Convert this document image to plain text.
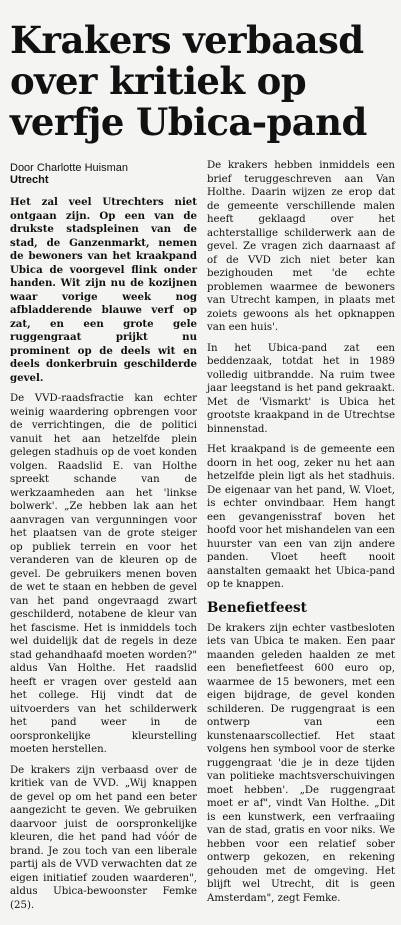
Krakers verbaasd
over kritiek op
verfje Ubica-pand
Door Charlotte Huisman
Utrecht

Het zal veel Utrechters niet ontgaan zijn. Op een van de drukste stadspleinen van de stad, de Ganzenmarkt, nemen de bewoners van het kraakpand Ubica de voorgevel flink onder handen. Wit zijn nu de kozijnen waar vorige week nog afbladderende blauwe verf op zat, en een grote gele ruggengraat prijkt nu prominent op de deels wit en deels donkerbruin geschilderde gevel.

De VVD-raadsfractie kan echter weinig waardering opbrengen voor de verrichtingen, die de politici vanuit het aan hetzelfde plein gelegen stadhuis op de voet konden volgen. Raadslid E. van Holthe spreekt schande van de werkzaamheden aan het 'linkse bolwerk'. „Ze hebben lak aan het aanvragen van vergunningen voor het plaatsen van de grote steiger op publiek terrein en voor het veranderen van de kleuren op de gevel. De gebruikers menen boven de wet te staan en hebben de gevel van het pand ongevraagd zwart geschilderd, notabene de kleur van het fascisme. Het is inmiddels toch wel duidelijk dat de regels in deze stad gehandhaafd moeten worden?" aldus Van Holthe. Het raadslid heeft er vragen over gesteld aan het college. Hij vindt dat de uitvoerders van het schilderwerk het pand weer in de oorspronkelijke kleurstelling moeten herstellen.

De krakers zijn verbaasd over de kritiek van de VVD. „Wij knappen de gevel op om het pand een beter aangezicht te geven. We gebruiken daarvoor juist de oorspronkelijke kleuren, die het pand had vóór de brand. Je zou toch van een liberale partij als de VVD verwachten dat ze eigen initiatief zouden waarderen", aldus Ubica-bewoonster Femke (25).

De krakers hebben inmiddels een brief teruggeschreven aan Van Holthe. Daarin wijzen ze erop dat de gemeente verschillende malen heeft geklaagd over het achterstallige schilderwerk aan de gevel. Ze vragen zich daarnaast af of de VVD zich niet beter kan bezighouden met 'de echte problemen waarmee de bewoners van Utrecht kampen, in plaats met zoiets gewoons als het opknappen van een huis'.

In het Ubica-pand zat een beddenzaak, totdat het in 1989 volledig uitbrandde. Na ruim twee jaar leegstand is het pand gekraakt. Met de 'Vismarkt' is Ubica het grootste kraakpand in de Utrechtse binnenstad.

Het kraakpand is de gemeente een doorn in het oog, zeker nu het aan hetzelfde plein ligt als het stadhuis. De eigenaar van het pand, W. Vloet, is echter onvindbaar. Hem hangt een gevangenisstraf boven het hoofd voor het mishandelen van een huurster van een van zijn andere panden. Vloet heeft nooit aanstalten gemaakt het Ubica-pand op te knappen.

Benefietfeest

De krakers zijn echter vastbesloten iets van Ubica te maken. Een paar maanden geleden haalden ze met een benefietfeest 600 euro op, waarmee de 15 bewoners, met een eigen bijdrage, de gevel konden schilderen. De ruggengraat is een ontwerp van een kunstenaarscollectief. Het staat volgens hen symbool voor de sterke ruggengraat 'die je in deze tijden van politieke machtsverschuivingen moet hebben'. „De ruggengraat moet er af", vindt Van Holthe. „Dit is een kunstwerk, een verfraaiing van de stad, gratis en voor niks. We hebben voor een relatief sober ontwerp gekozen, en rekening gehouden met de omgeving. Het blijft wel Utrecht, dit is geen Amsterdam", zegt Femke.
